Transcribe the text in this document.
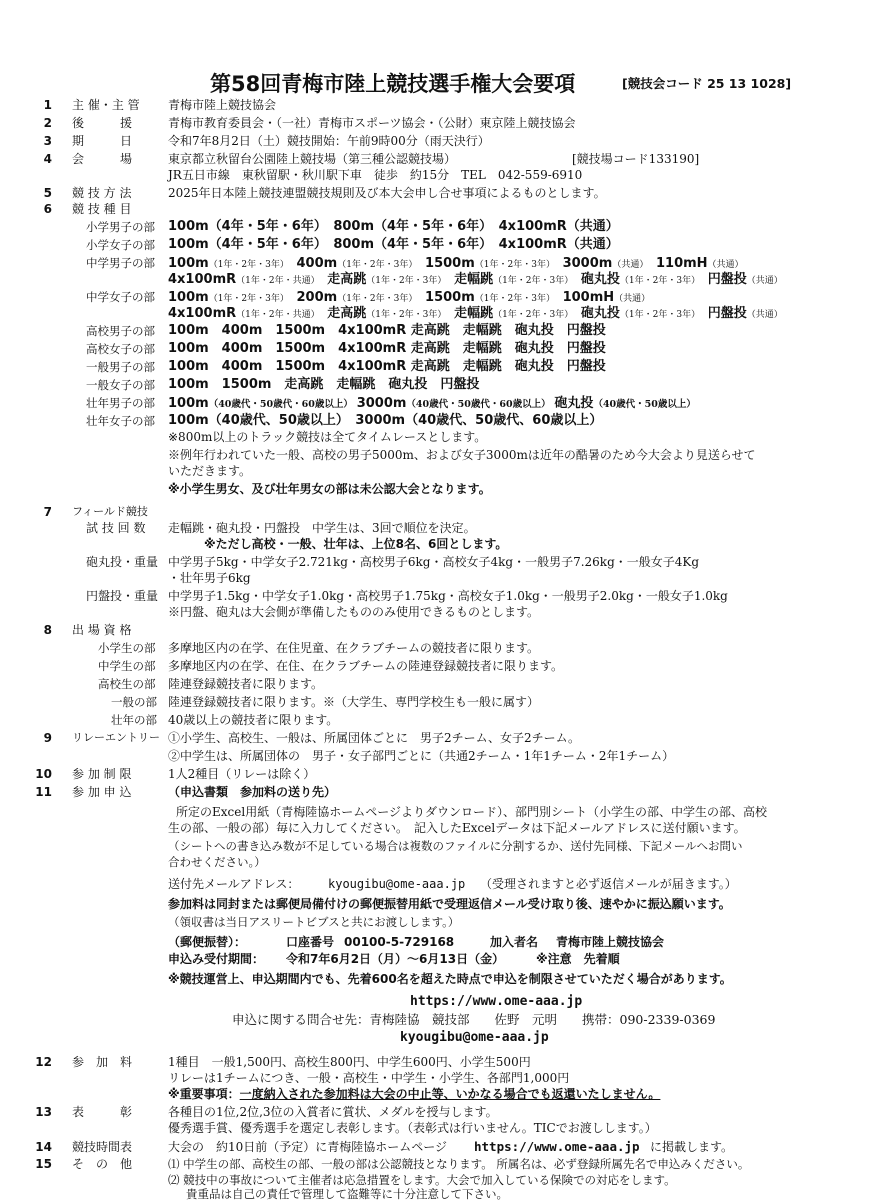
第58回青梅市陸上競技選手権大会要項	[競技会コード 25 13 1028]
1 主 催・主 管 青梅市陸上競技協会
2 後　　　援	青梅市教育委員会・（一社）青梅市スポーツ協会・（公財）東京陸上競技協会
3 期　　　日	令和7年8月2日（土）競技開始：午前9時00分（雨天決行）
4 会　　　場	東京都立秋留台公園陸上競技場（第三種公認競技場）	[競技場コード133190]
JR五日市線　東秋留駅・秋川駅下車　徒歩　約15分　TEL　042-559-6910
5 競 技 方 法	2025年日本陸上競技連盟競技規則及び本大会申し合せ事項によるものとします。
6 競 技 種 目
小学男子の部 100m（4年・5年・6年）　800m（4年・5年・6年）　4x100mR（共通）
小学女子の部 100m（4年・5年・6年）　800m（4年・5年・6年）　4x100mR（共通）
中学男子の部 100m（1年・2年・3年） 400m（1年・2年・3年） 1500m（1年・2年・3年） 3000m（共通） 110mH（共通）
4x100mR（1年・2年・共通） 走高跳（1年・2年・3年） 走幅跳（1年・2年・3年） 砲丸投（1年・2年・3年） 円盤投（共通）
中学女子の部 100m（1年・2年・3年） 200m（1年・2年・3年） 1500m（1年・2年・3年） 100mH（共通）
4x100mR（1年・2年・共通） 走高跳（1年・2年・3年） 走幅跳（1年・2年・3年） 砲丸投（1年・2年・3年） 円盤投（共通）
高校男子の部 100m　400m　1500m　4x100mR 走高跳　走幅跳　砲丸投　円盤投
高校女子の部 100m　400m　1500m　4x100mR 走高跳　走幅跳　砲丸投　円盤投
一般男子の部 100m　400m　1500m　4x100mR 走高跳　走幅跳　砲丸投　円盤投
一般女子の部 100m　1500m　走高跳　走幅跳　砲丸投　円盤投
壮年男子の部 100m（40歳代・50歳代・60歳以上） 3000m（40歳代・50歳代・60歳以上） 砲丸投（40歳代・50歳以上）
壮年女子の部 100m（40歳代、50歳以上）　3000m（40歳代、50歳代、60歳以上）
※800m以上のトラック競技は全てタイムレースとします。
※例年行われていた一般、高校の男子5000m、および女子3000mは近年の酷暑のため今大会より見送らせて
いただきます。
※小学生男女、及び壮年男女の部は未公認大会となります。
7 フィールド競技
試 技 回 数 走幅跳・砲丸投・円盤投　中学生は、3回で順位を決定。
※ただし高校・一般、壮年は、上位8名、6回とします。
砲丸投・重量 中学男子5kg・中学女子2.721kg・高校男子6kg・高校女子4kg・一般男子7.26kg・一般女子4Kg
・壮年男子6kg
円盤投・重量 中学男子1.5kg・中学女子1.0kg・高校男子1.75kg・高校女子1.0kg・一般男子2.0kg・一般女子1.0kg
※円盤、砲丸は大会側が準備したもののみ使用できるものとします。
8 出 場 資 格
小学生の部 多摩地区内の在学、在住児童、在クラブチームの競技者に限ります。
中学生の部 多摩地区内の在学、在住、在クラブチームの陸連登録競技者に限ります。
高校生の部 陸連登録競技者に限ります。
一般の部 陸連登録競技者に限ります。※（大学生、専門学校生も一般に属す）
壮年の部 40歳以上の競技者に限ります。
9 リレーエントリー ①小学生、高校生、一般は、所属団体ごとに　男子2チーム、女子2チーム。
②中学生は、所属団体の　男子・女子部門ごとに（共通2チーム・1年1チーム・2年1チーム）
10 参 加 制 限	1人2種目（リレーは除く）
11 参 加 申 込	（申込書類　参加料の送り先）
所定のExcel用紙（青梅陸協ホームページよりダウンロード）、部門別シート（小学生の部、中学生の部、高校
生の部、一般の部）毎に入力してください。　記入したExcelデータは下記メールアドレスに送付願います。
（シートへの書き込み数が不足している場合は複数のファイルに分割するか、送付先同様、下記メールへお問い
合わせください。）
送付先メールアドレス： kyougibu@ome-aaa.jp （受理されますと必ず返信メールが届きます。）
参加料は同封または郵便局備付けの郵便振替用紙で受理返信メール受け取り後、速やかに振込願います。
（領収書は当日アスリートビブスと共にお渡しします。）
（郵便振替）：	口座番号 00100-5-729168	加入者名 青梅市陸上競技協会
申込み受付期間： 令和7年6月2日（月）～6月13日（金）	※注意　先着順
※競技運営上、申込期間内でも、先着600名を超えた時点で申込を制限させていただく場合があります。
https://www.ome-aaa.jp
申込に関する問合せ先：青梅陸協　競技部　　佐野　元明　　携帯：090-2339-0369
kyougibu@ome-aaa.jp
12 参　加　料	1種目　一般1,500円、高校生800円、中学生600円、小学生500円
リレーは1チームにつき、一般・高校生・中学生・小学生、各部門1,000円
※重要事項：一度納入された参加料は大会の中止等、いかなる場合でも返還いたしません。
13 表　　　彰	各種目の1位,2位,3位の入賞者に賞状、メダルを授与します。
優秀選手賞、優秀選手を選定し表彰します。（表彰式は行いません。TICでお渡しします。）
14 競技時間表	大会の　約10日前（予定）に青梅陸協ホームページ https://www.ome-aaa.jp に掲載します。
15 そ　の　他	⑴ 中学生の部、高校生の部、一般の部は公認競技となります。 所属名は、必ず登録所属先名で申込みください。
⑵ 競技中の事故について主催者は応急措置をします。大会で加入している保険での対応をします。
貴重品は自己の責任で管理して盗難等に十分注意して下さい。
